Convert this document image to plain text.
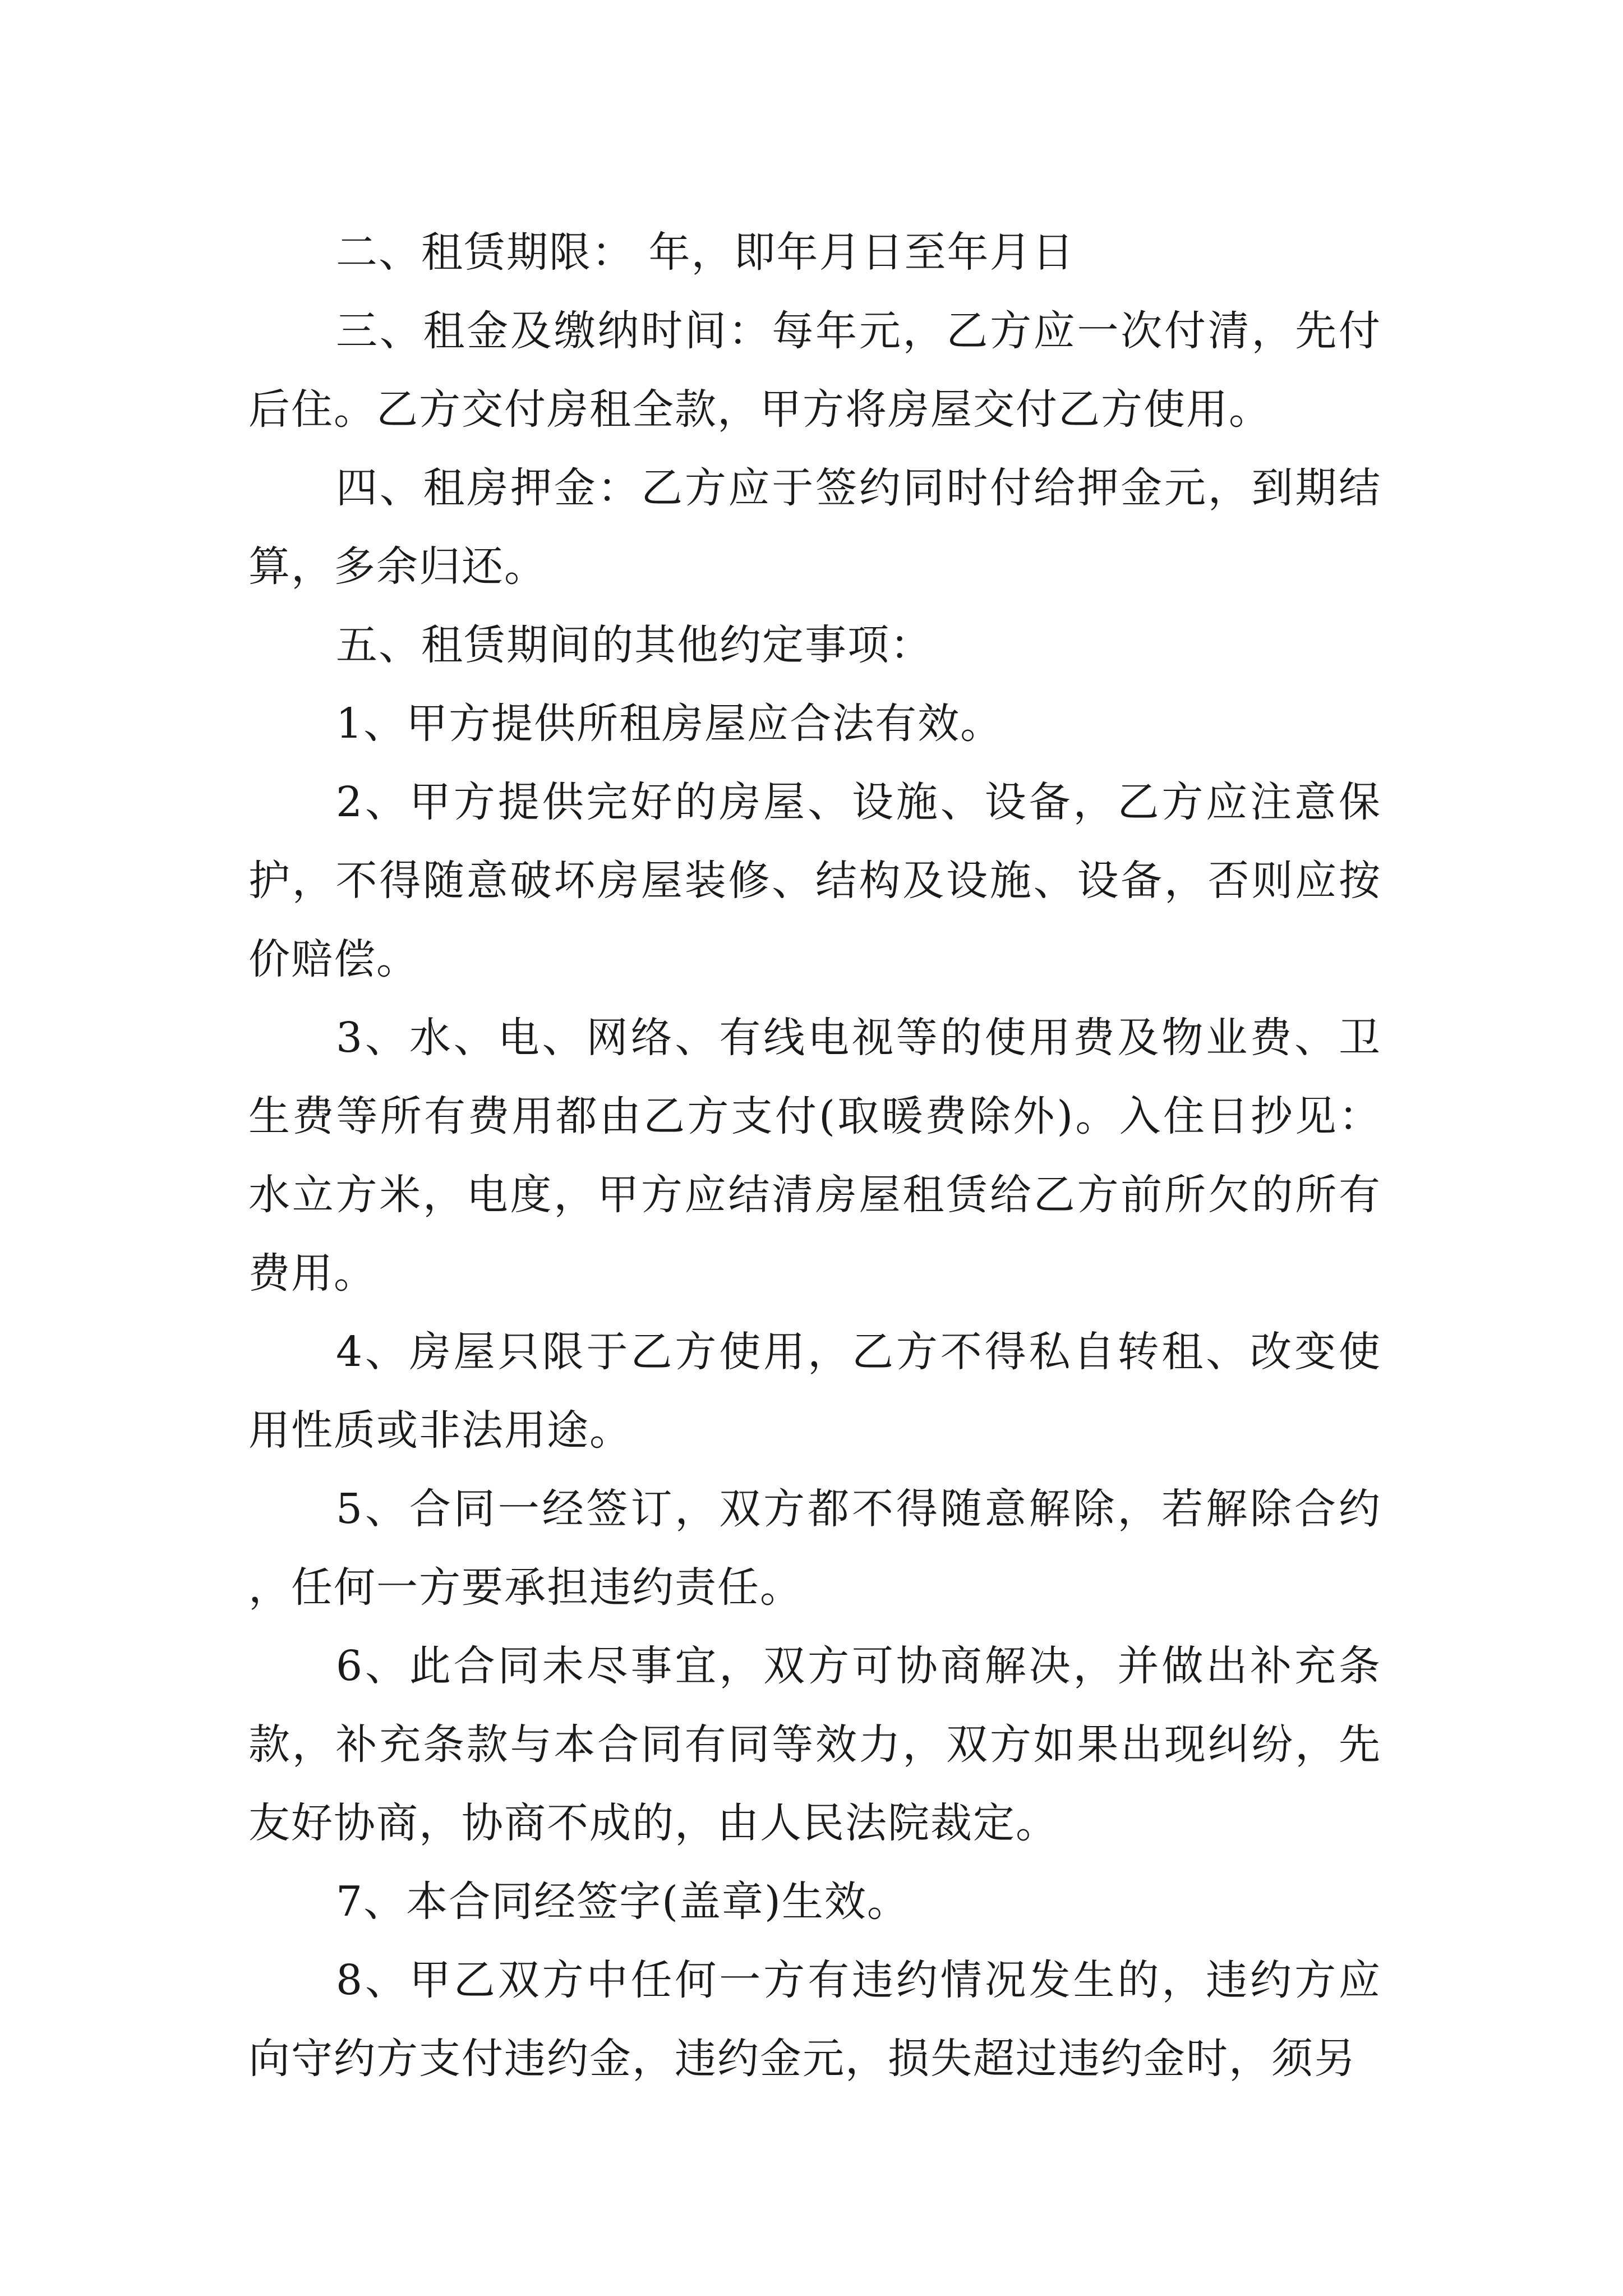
二、租赁期限： 年，即年月日至年月日

三、租金及缴纳时间：每年元，乙方应一次付清，先付后住。乙方交付房租全款，甲方将房屋交付乙方使用。

四、租房押金：乙方应于签约同时付给押金元，到期结算，多余归还。

五、租赁期间的其他约定事项：

1、甲方提供所租房屋应合法有效。

2、甲方提供完好的房屋、设施、设备，乙方应注意保护，不得随意破坏房屋装修、结构及设施、设备，否则应按价赔偿。

3、水、电、网络、有线电视等的使用费及物业费、卫生费等所有费用都由乙方支付(取暖费除外)。入住日抄见：水立方米，电度，甲方应结清房屋租赁给乙方前所欠的所有费用。

4、房屋只限于乙方使用，乙方不得私自转租、改变使用性质或非法用途。

5、合同一经签订，双方都不得随意解除，若解除合约，任何一方要承担违约责任。

6、此合同未尽事宜，双方可协商解决，并做出补充条款，补充条款与本合同有同等效力，双方如果出现纠纷，先友好协商，协商不成的，由人民法院裁定。

7、本合同经签字(盖章)生效。

8、甲乙双方中任何一方有违约情况发生的，违约方应向守约方支付违约金，违约金元，损失超过违约金时，须另
